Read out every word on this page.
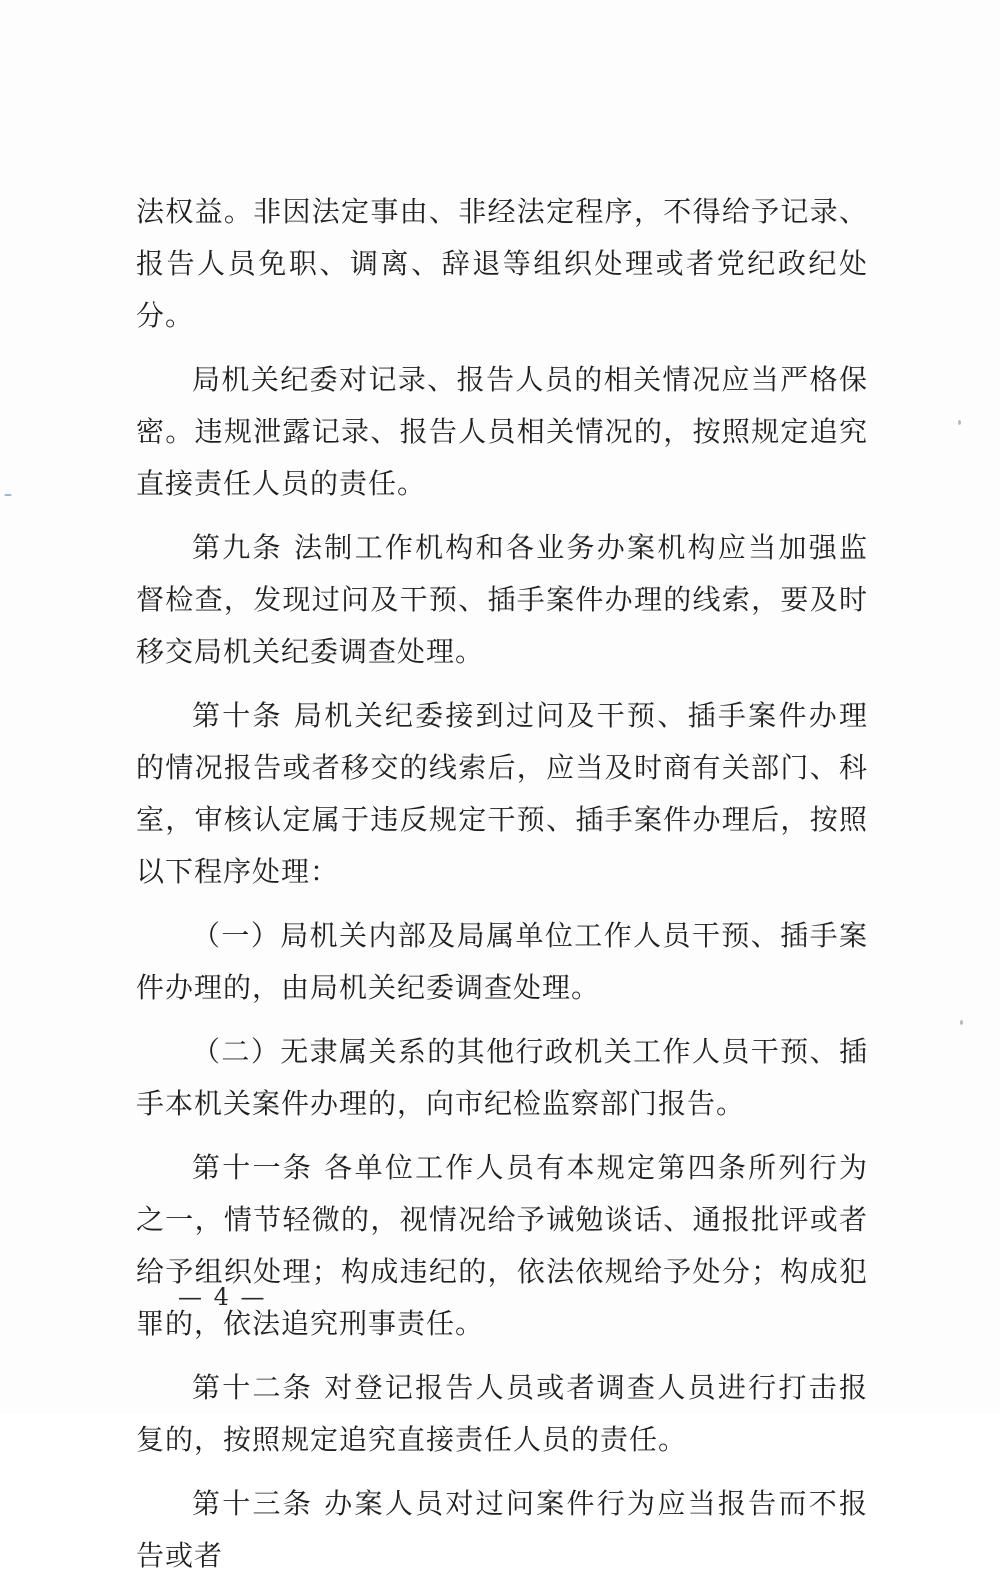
法权益。非因法定事由、非经法定程序，不得给予记录、报告人员免职、调离、辞退等组织处理或者党纪政纪处分。

局机关纪委对记录、报告人员的相关情况应当严格保密。违规泄露记录、报告人员相关情况的，按照规定追究直接责任人员的责任。

第九条 法制工作机构和各业务办案机构应当加强监督检查，发现过问及干预、插手案件办理的线索，要及时移交局机关纪委调查处理。

第十条 局机关纪委接到过问及干预、插手案件办理的情况报告或者移交的线索后，应当及时商有关部门、科室，审核认定属于违反规定干预、插手案件办理后，按照以下程序处理：

（一）局机关内部及局属单位工作人员干预、插手案件办理的，由局机关纪委调查处理。

（二）无隶属关系的其他行政机关工作人员干预、插手本机关案件办理的，向市纪检监察部门报告。

第十一条 各单位工作人员有本规定第四条所列行为之一，情节轻微的，视情况给予诫勉谈话、通报批评或者给予组织处理；构成违纪的，依法依规给予处分；构成犯罪的，依法追究刑事责任。

第十二条 对登记报告人员或者调查人员进行打击报复的，按照规定追究直接责任人员的责任。

第十三条 办案人员对过问案件行为应当报告而不报告或者

— 4 —
